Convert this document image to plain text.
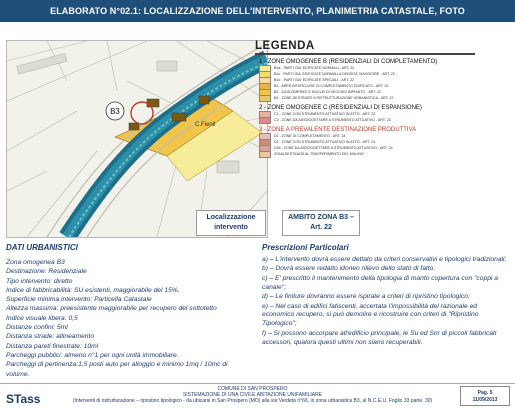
ELABORATO N°02.1: LOCALIZZAZIONE DELL'INTERVENTO, PLANIMETRIA CATASTALE, FOTO
B3
C.Fienil
LEGENDA
1 - ZONE OMOGENEE B (RESIDENZIALI DI COMPLETAMENTO)
B1a - PARTI GIA' EDIFICATE NORMALI - ART. 22
B1c - PARTI GIA' EDIFICATE NORMALI A DENSITA' MAGGIORE - ART. 22
B1b - PARTI GIA' EDIFICATE SPECIALI - ART. 22
B2 - AREE INTERCLUSE DI COMPLETAMENTO EDIFICATO - ART. 22
B3 - AGGLOMERATI E NUCLEI DI VECCHIO IMPIANTO - ART. 22
B4 - ZONE DESTINATE A RISTRUTTURAZIONE URBANISTICA - ART. 22
2 - ZONE OMOGENEE C (RESIDENZIALI DI ESPANSIONE)
C1 - ZONE CON STRUMENTO ATTUATIVO IN ATTO - ART. 23
C2 - ZONE DA ASSOGGETTARE A STRUMENTO ATTUATIVO - ART. 23
3 - ZONE A PREVALENTE DESTINAZIONE PRODUTTIVA
D1 - ZONE DI COMPLETAMENTO - ART. 24
D2 - ZONE CON STRUMENTO ATTUATIVO IN ATTO - ART. 24
D2b - ZONE DA ASSOGGETTARE A STRUMENTO ATTUATIVO - ART. 24
ZONA DESTINATA AL TRASFERIMENTO DEL MULINO
Localizzazione intervento
AMBITO ZONA B3 – Art. 22
DATI URBANISTICI
Zona omogenea B3
Destinazione: Residenziale
Tipo intervento: diretto
Indice di fabbricabilità: SU esistenti, maggiorabile del 15%.
Superficie minima intervento: Particella Catastale
Altezza massima: preesistente maggiorabile per recupero del sottotetto
Indice visuale libera: 0,5
Distanze confini: 5ml
Distanza strade: allineamento
Distanza pareti finestrate: 10ml
Parcheggi pubblici: almeno n°1 per ogni unità immobiliare.
Parcheggi di pertinenza:1,5 posti auto per alloggio e minimo 1mq / 10mc di volume.
Prescrizioni Particolari
a) – L'intervento dovrà essere dettato da criteri conservativi e tipologici tradizionali;
b) – Dovrà essere redatto idoneo rilievo dello stato di fatto;
c) – E' prescritto il mantenimento della tipologia di manto copertura con "coppi a canale";
d) – Le finiture dovranno essere ispirate a criteri di ripristino tipologico;
e) – Nel caso di edifici fatiscenti, accertata l'impossibilità del razionale ed economico recupero, si può demolire e ricostruire con criteri di "Ripristino Tipologico";
f) – Si possono accorpare all'edificio principale, le Su ed Snr di piccoli fabbricati accessori, qualora questi ultimi non siano recuperabili.
STass
COMUNE DI SAN PROSPERO
SISTEMAZIONE DI UNA CIVILE ABITAZIONE UNIFAMILIARE
(Interventi di ristrutturazione – ripristino tipologico - da ubicarsi in San Prospero (MO) alla via Verdeta n°66, in zona urbanistica B3, al N.C.E.U. Foglio 33 parte. 30)
Pag. 5
11/09/2013
